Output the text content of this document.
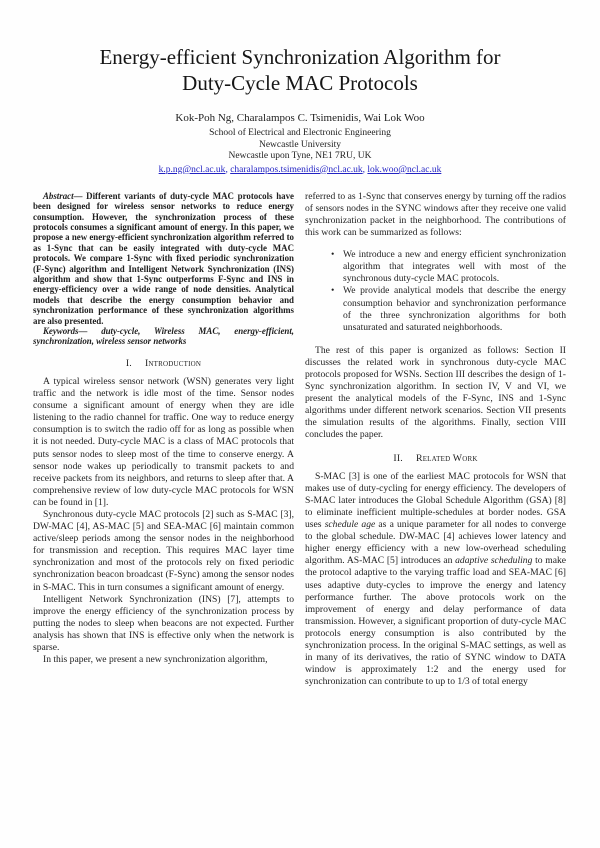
Energy-efficient Synchronization Algorithm for
Duty-Cycle MAC Protocols
Kok-Poh Ng, Charalampos C. Tsimenidis, Wai Lok Woo
School of Electrical and Electronic Engineering
Newcastle University
Newcastle upon Tyne, NE1 7RU, UK
k.p.ng@ncl.ac.uk, charalampos.tsimenidis@ncl.ac.uk, lok.woo@ncl.ac.uk

Abstract— Different variants of duty-cycle MAC protocols have been designed for wireless sensor networks to reduce energy consumption. However, the synchronization process of these protocols consumes a significant amount of energy. In this paper, we propose a new energy-efficient synchronization algorithm referred to as 1-Sync that can be easily integrated with duty-cycle MAC protocols. We compare 1-Sync with fixed periodic synchronization (F-Sync) algorithm and Intelligent Network Synchronization (INS) algorithm and show that 1-Sync outperforms F-Sync and INS in energy-efficiency over a wide range of node densities. Analytical models that describe the energy consumption behavior and synchronization performance of these synchronization algorithms are also presented.

Keywords— duty-cycle, Wireless MAC, energy-efficient, synchronization, wireless sensor networks

I. Introduction

A typical wireless sensor network (WSN) generates very light traffic and the network is idle most of the time. Sensor nodes consume a significant amount of energy when they are idle listening to the radio channel for traffic. One way to reduce energy consumption is to switch the radio off for as long as possible when it is not needed. Duty-cycle MAC is a class of MAC protocols that puts sensor nodes to sleep most of the time to conserve energy. A sensor node wakes up periodically to transmit packets to and receive packets from its neighbors, and returns to sleep after that. A comprehensive review of low duty-cycle MAC protocols for WSN can be found in [1].

Synchronous duty-cycle MAC protocols [2] such as S-MAC [3], DW-MAC [4], AS-MAC [5] and SEA-MAC [6] maintain common active/sleep periods among the sensor nodes in the neighborhood for transmission and reception. This requires MAC layer time synchronization and most of the protocols rely on fixed periodic synchronization beacon broadcast (F-Sync) among the sensor nodes in S-MAC. This in turn consumes a significant amount of energy.

Intelligent Network Synchronization (INS) [7], attempts to improve the energy efficiency of the synchronization process by putting the nodes to sleep when beacons are not expected. Further analysis has shown that INS is effective only when the network is sparse.

In this paper, we present a new synchronization algorithm,

referred to as 1-Sync that conserves energy by turning off the radios of sensors nodes in the SYNC windows after they receive one valid synchronization packet in the neighborhood. The contributions of this work can be summarized as follows:

• We introduce a new and energy efficient synchronization algorithm that integrates well with most of the synchronous duty-cycle MAC protocols.
• We provide analytical models that describe the energy consumption behavior and synchronization performance of the three synchronization algorithms for both unsaturated and saturated neighborhoods.

The rest of this paper is organized as follows: Section II discusses the related work in synchronous duty-cycle MAC protocols proposed for WSNs. Section III describes the design of 1-Sync synchronization algorithm. In section IV, V and VI, we present the analytical models of the F-Sync, INS and 1-Sync algorithms under different network scenarios. Section VII presents the simulation results of the algorithms. Finally, section VIII concludes the paper.

II. Related Work

S-MAC [3] is one of the earliest MAC protocols for WSN that makes use of duty-cycling for energy efficiency. The developers of S-MAC later introduces the Global Schedule Algorithm (GSA) [8] to eliminate inefficient multiple-schedules at border nodes. GSA uses schedule age as a unique parameter for all nodes to converge to the global schedule. DW-MAC [4] achieves lower latency and higher energy efficiency with a new low-overhead scheduling algorithm. AS-MAC [5] introduces an adaptive scheduling to make the protocol adaptive to the varying traffic load and SEA-MAC [6] uses adaptive duty-cycles to improve the energy and latency performance further. The above protocols work on the improvement of energy and delay performance of data transmission. However, a significant proportion of duty-cycle MAC protocols energy consumption is also contributed by the synchronization process. In the original S-MAC settings, as well as in many of its derivatives, the ratio of SYNC window to DATA window is approximately 1:2 and the energy used for synchronization can contribute to up to 1/3 of total energy
